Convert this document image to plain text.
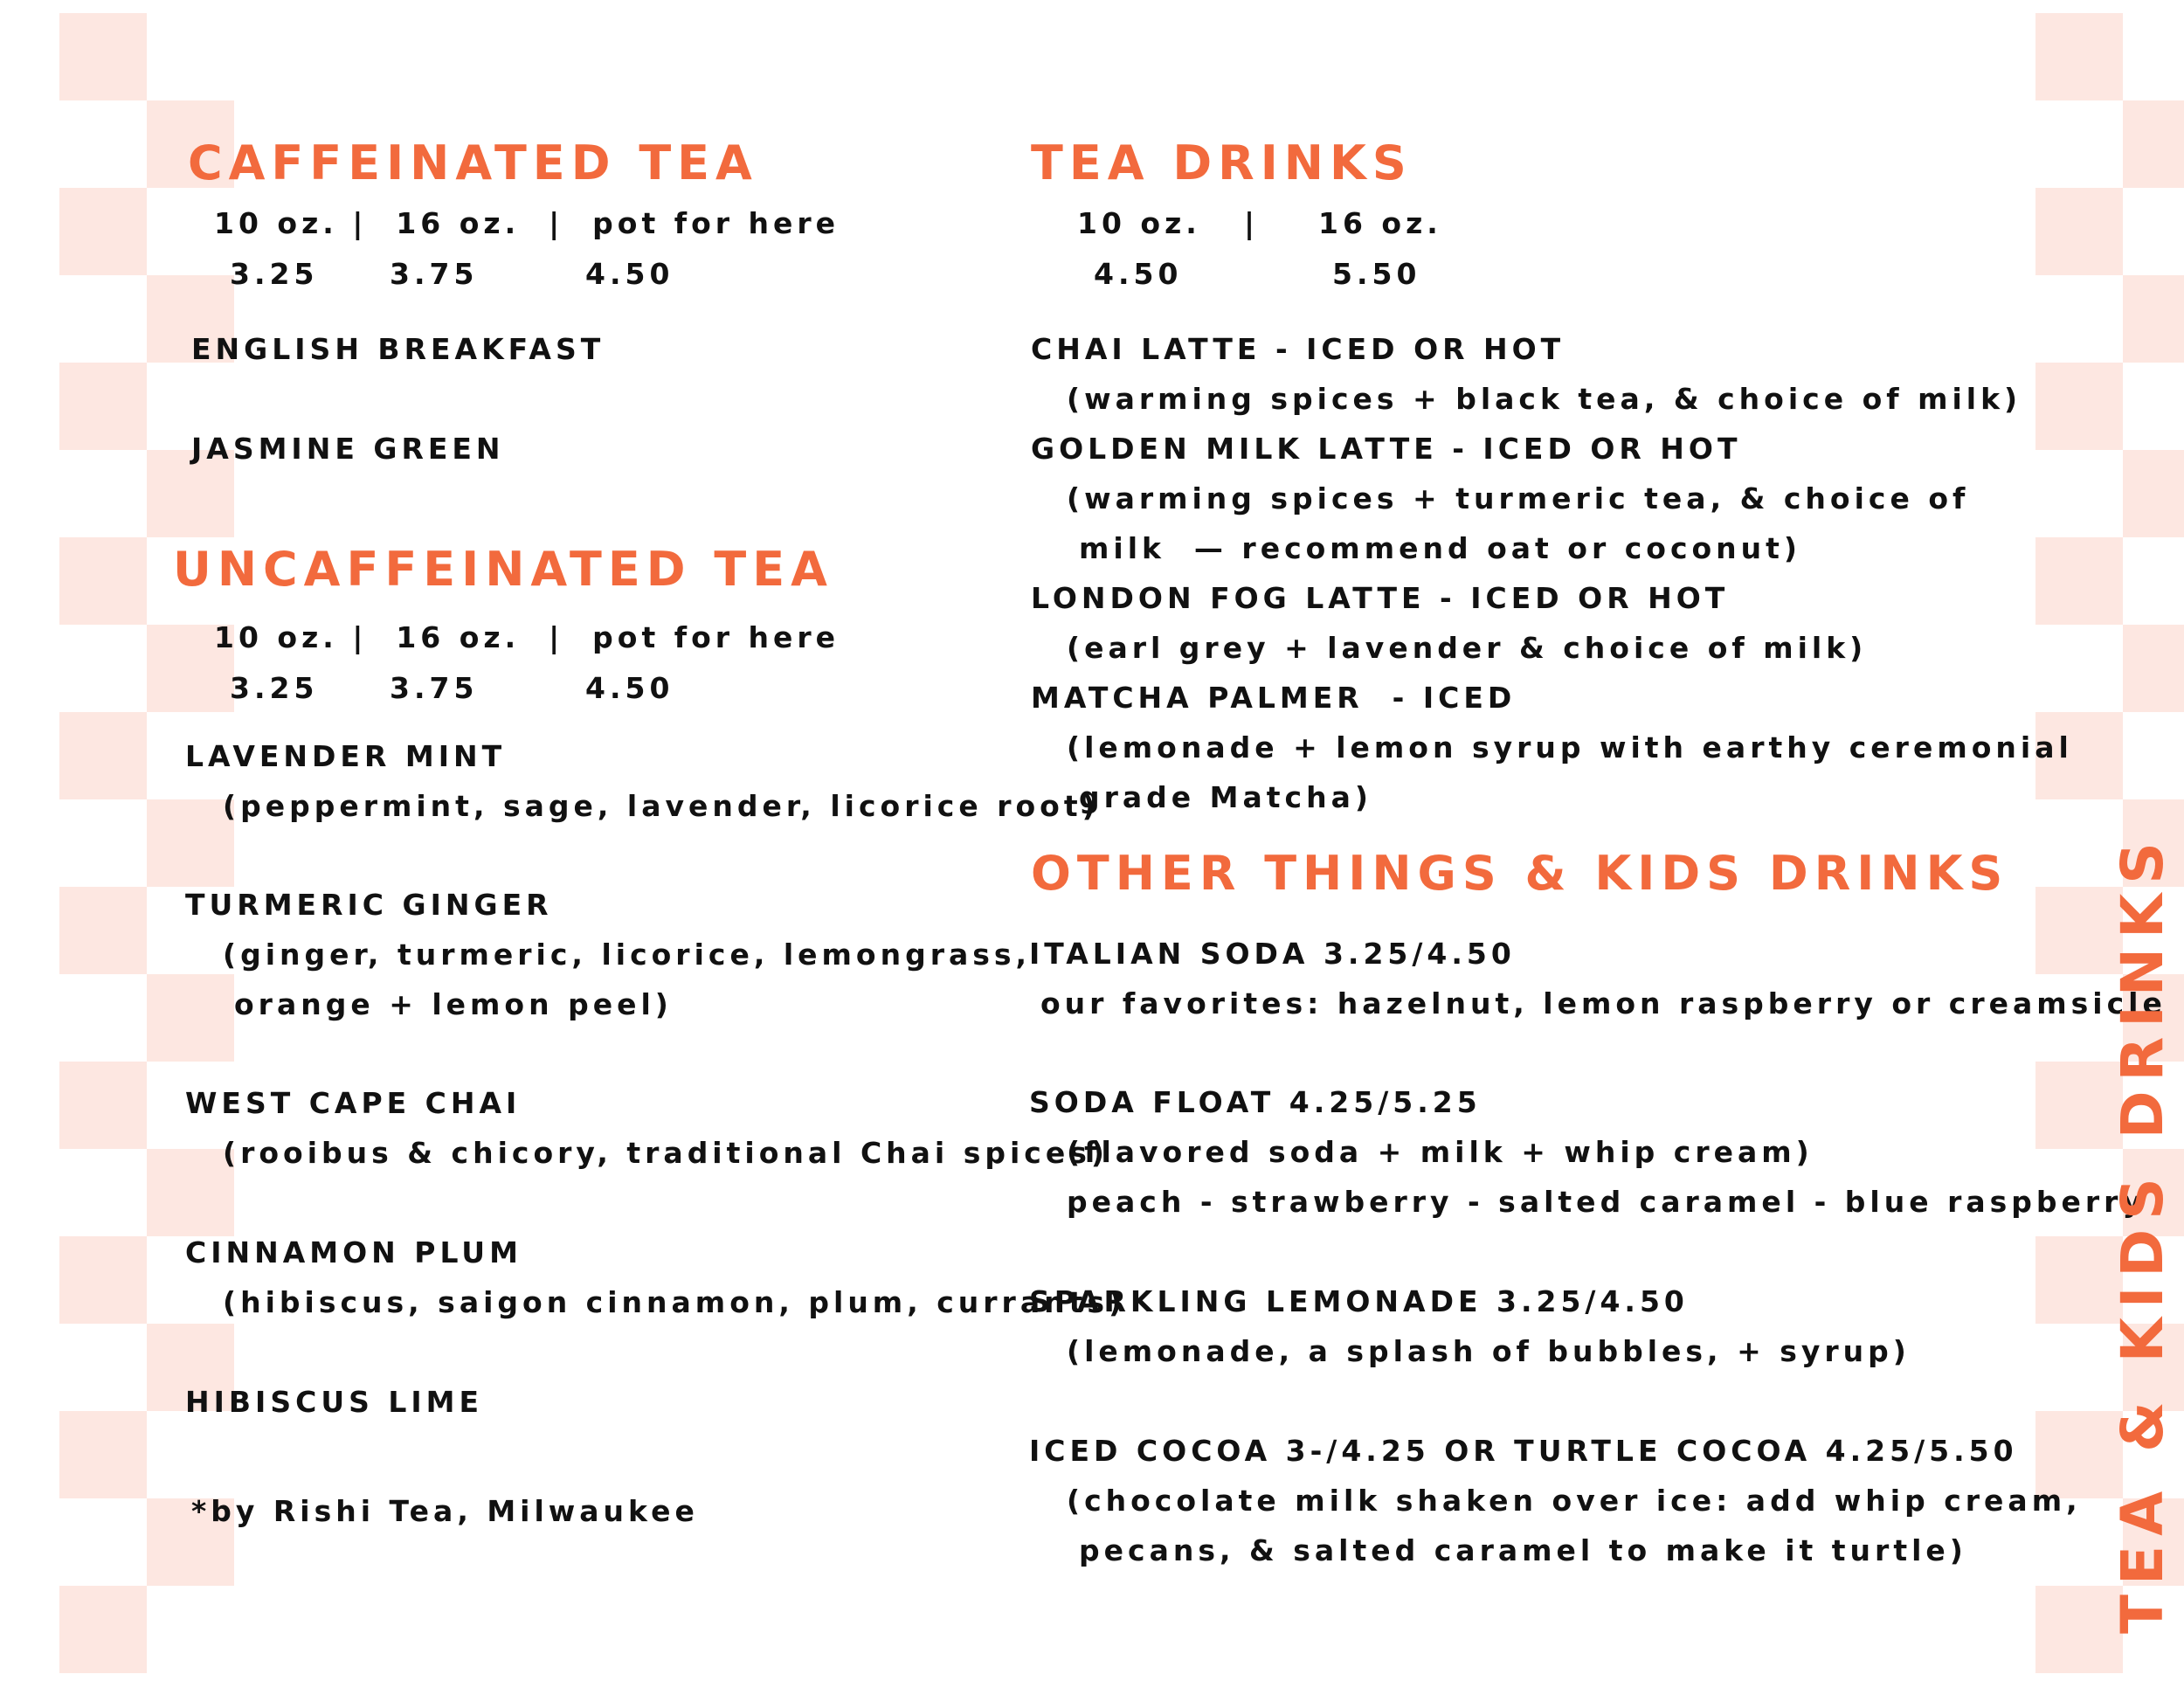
CAFFEINATED TEA
10 oz. |  16 oz.  |  pot for here
3.25 3.75	4.50
ENGLISH BREAKFAST
JASMINE GREEN
UNCAFFEINATED TEA
10 oz. |  16 oz.  |  pot for here
3.25 3.75	4.50
LAVENDER MINT
(peppermint, sage, lavender, licorice root)
TURMERIC GINGER
(ginger, turmeric, licorice, lemongrass,
orange + lemon peel)
WEST CAPE CHAI
(rooibus & chicory, traditional Chai spices)
CINNAMON PLUM
(hibiscus, saigon cinnamon, plum, currants)
HIBISCUS LIME
*by Rishi Tea, Milwaukee
TEA DRINKS
10 oz. | 16 oz.
4.50	5.50
CHAI LATTE - ICED OR HOT
(warming spices + black tea, & choice of milk)
GOLDEN MILK LATTE - ICED OR HOT
(warming spices + turmeric tea, & choice of
milk  — recommend oat or coconut)
LONDON FOG LATTE - ICED OR HOT
(earl grey + lavender & choice of milk)
MATCHA PALMER  - ICED
(lemonade + lemon syrup with earthy ceremonial
grade Matcha)
OTHER THINGS & KIDS DRINKS
ITALIAN SODA 3.25/4.50
our favorites: hazelnut, lemon raspberry or creamsicle
SODA FLOAT 4.25/5.25
(flavored soda + milk + whip cream)
peach - strawberry - salted caramel - blue raspberry
SPARKLING LEMONADE 3.25/4.50
(lemonade, a splash of bubbles, + syrup)
ICED COCOA 3-/4.25 OR TURTLE COCOA 4.25/5.50
(chocolate milk shaken over ice: add whip cream,
pecans, & salted caramel to make it turtle) TEA & KIDS DRINKS
